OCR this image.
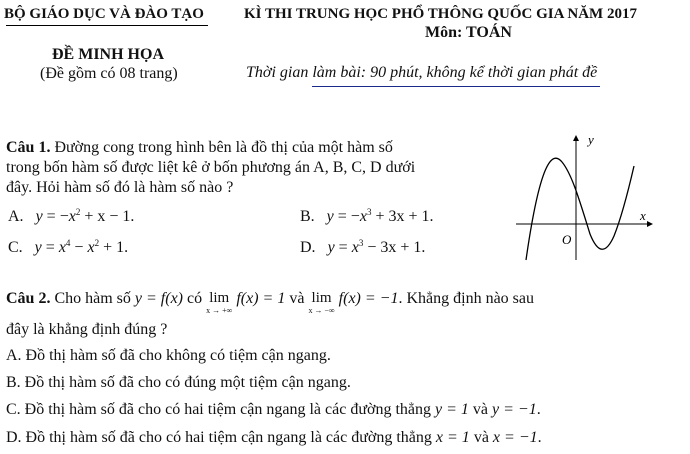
BỘ GIÁO DỤC VÀ ĐÀO TẠO	KÌ THI TRUNG HỌC PHỔ THÔNG QUỐC GIA NĂM 2017
Môn: TOÁN
ĐỀ MINH HỌA
(Đề gồm có 08 trang)	Thời gian làm bài: 90 phút, không kể thời gian phát đề
Câu 1. Đường cong trong hình bên là đồ thị của một hàm số
trong bốn hàm số được liệt kê ở bốn phương án A, B, C, D dưới
đây. Hỏi hàm số đó là hàm số nào ?
A. $y = -x^2 + x - 1$.	B. $y = -x^3 + 3x + 1$.
C. $y = x^4 - x^2 + 1$.	D. $y = x^3 - 3x + 1$.
y
x
O
Câu 2. Cho hàm số y = f(x) có lim
x → +∞
f(x) = 1 và lim
x → −∞
f(x) = −1. Khẳng định nào sau
đây là khẳng định đúng ?
A. Đồ thị hàm số đã cho không có tiệm cận ngang.
B. Đồ thị hàm số đã cho có đúng một tiệm cận ngang.
C. Đồ thị hàm số đã cho có hai tiệm cận ngang là các đường thẳng y = 1 và y = −1.
D. Đồ thị hàm số đã cho có hai tiệm cận ngang là các đường thẳng x = 1 và x = −1.
